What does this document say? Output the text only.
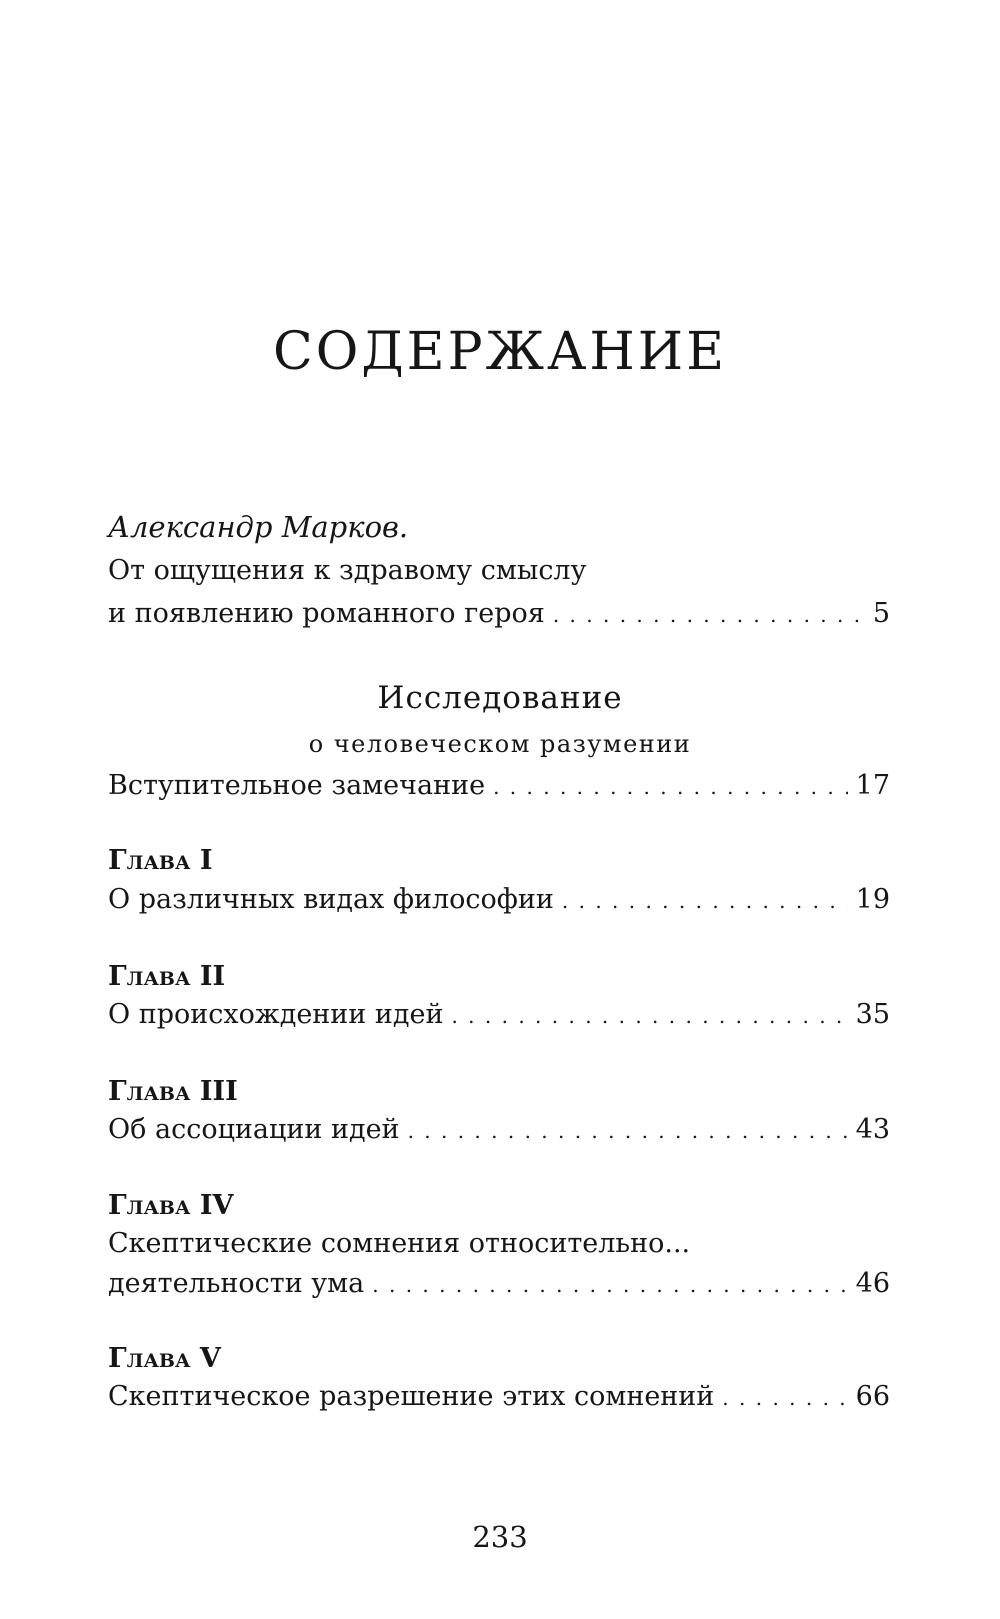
СОДЕРЖАНИЕ

Александр Марков.

От ощущения к здравому смыслу

и появлению романного героя . . .	5

Исследование

о человеческом разумении

Вступительное замечание . . .	17

Глава I

О различных видах философии . . .	19

Глава II

О происхождении идей . . .	35

Глава III

Об ассоциации идей . . .	43

Глава IV

Скептические сомнения относительно...

деятельности ума . . .	46

Глава V

Скептическое разрешение этих сомнений . . .	66

233
